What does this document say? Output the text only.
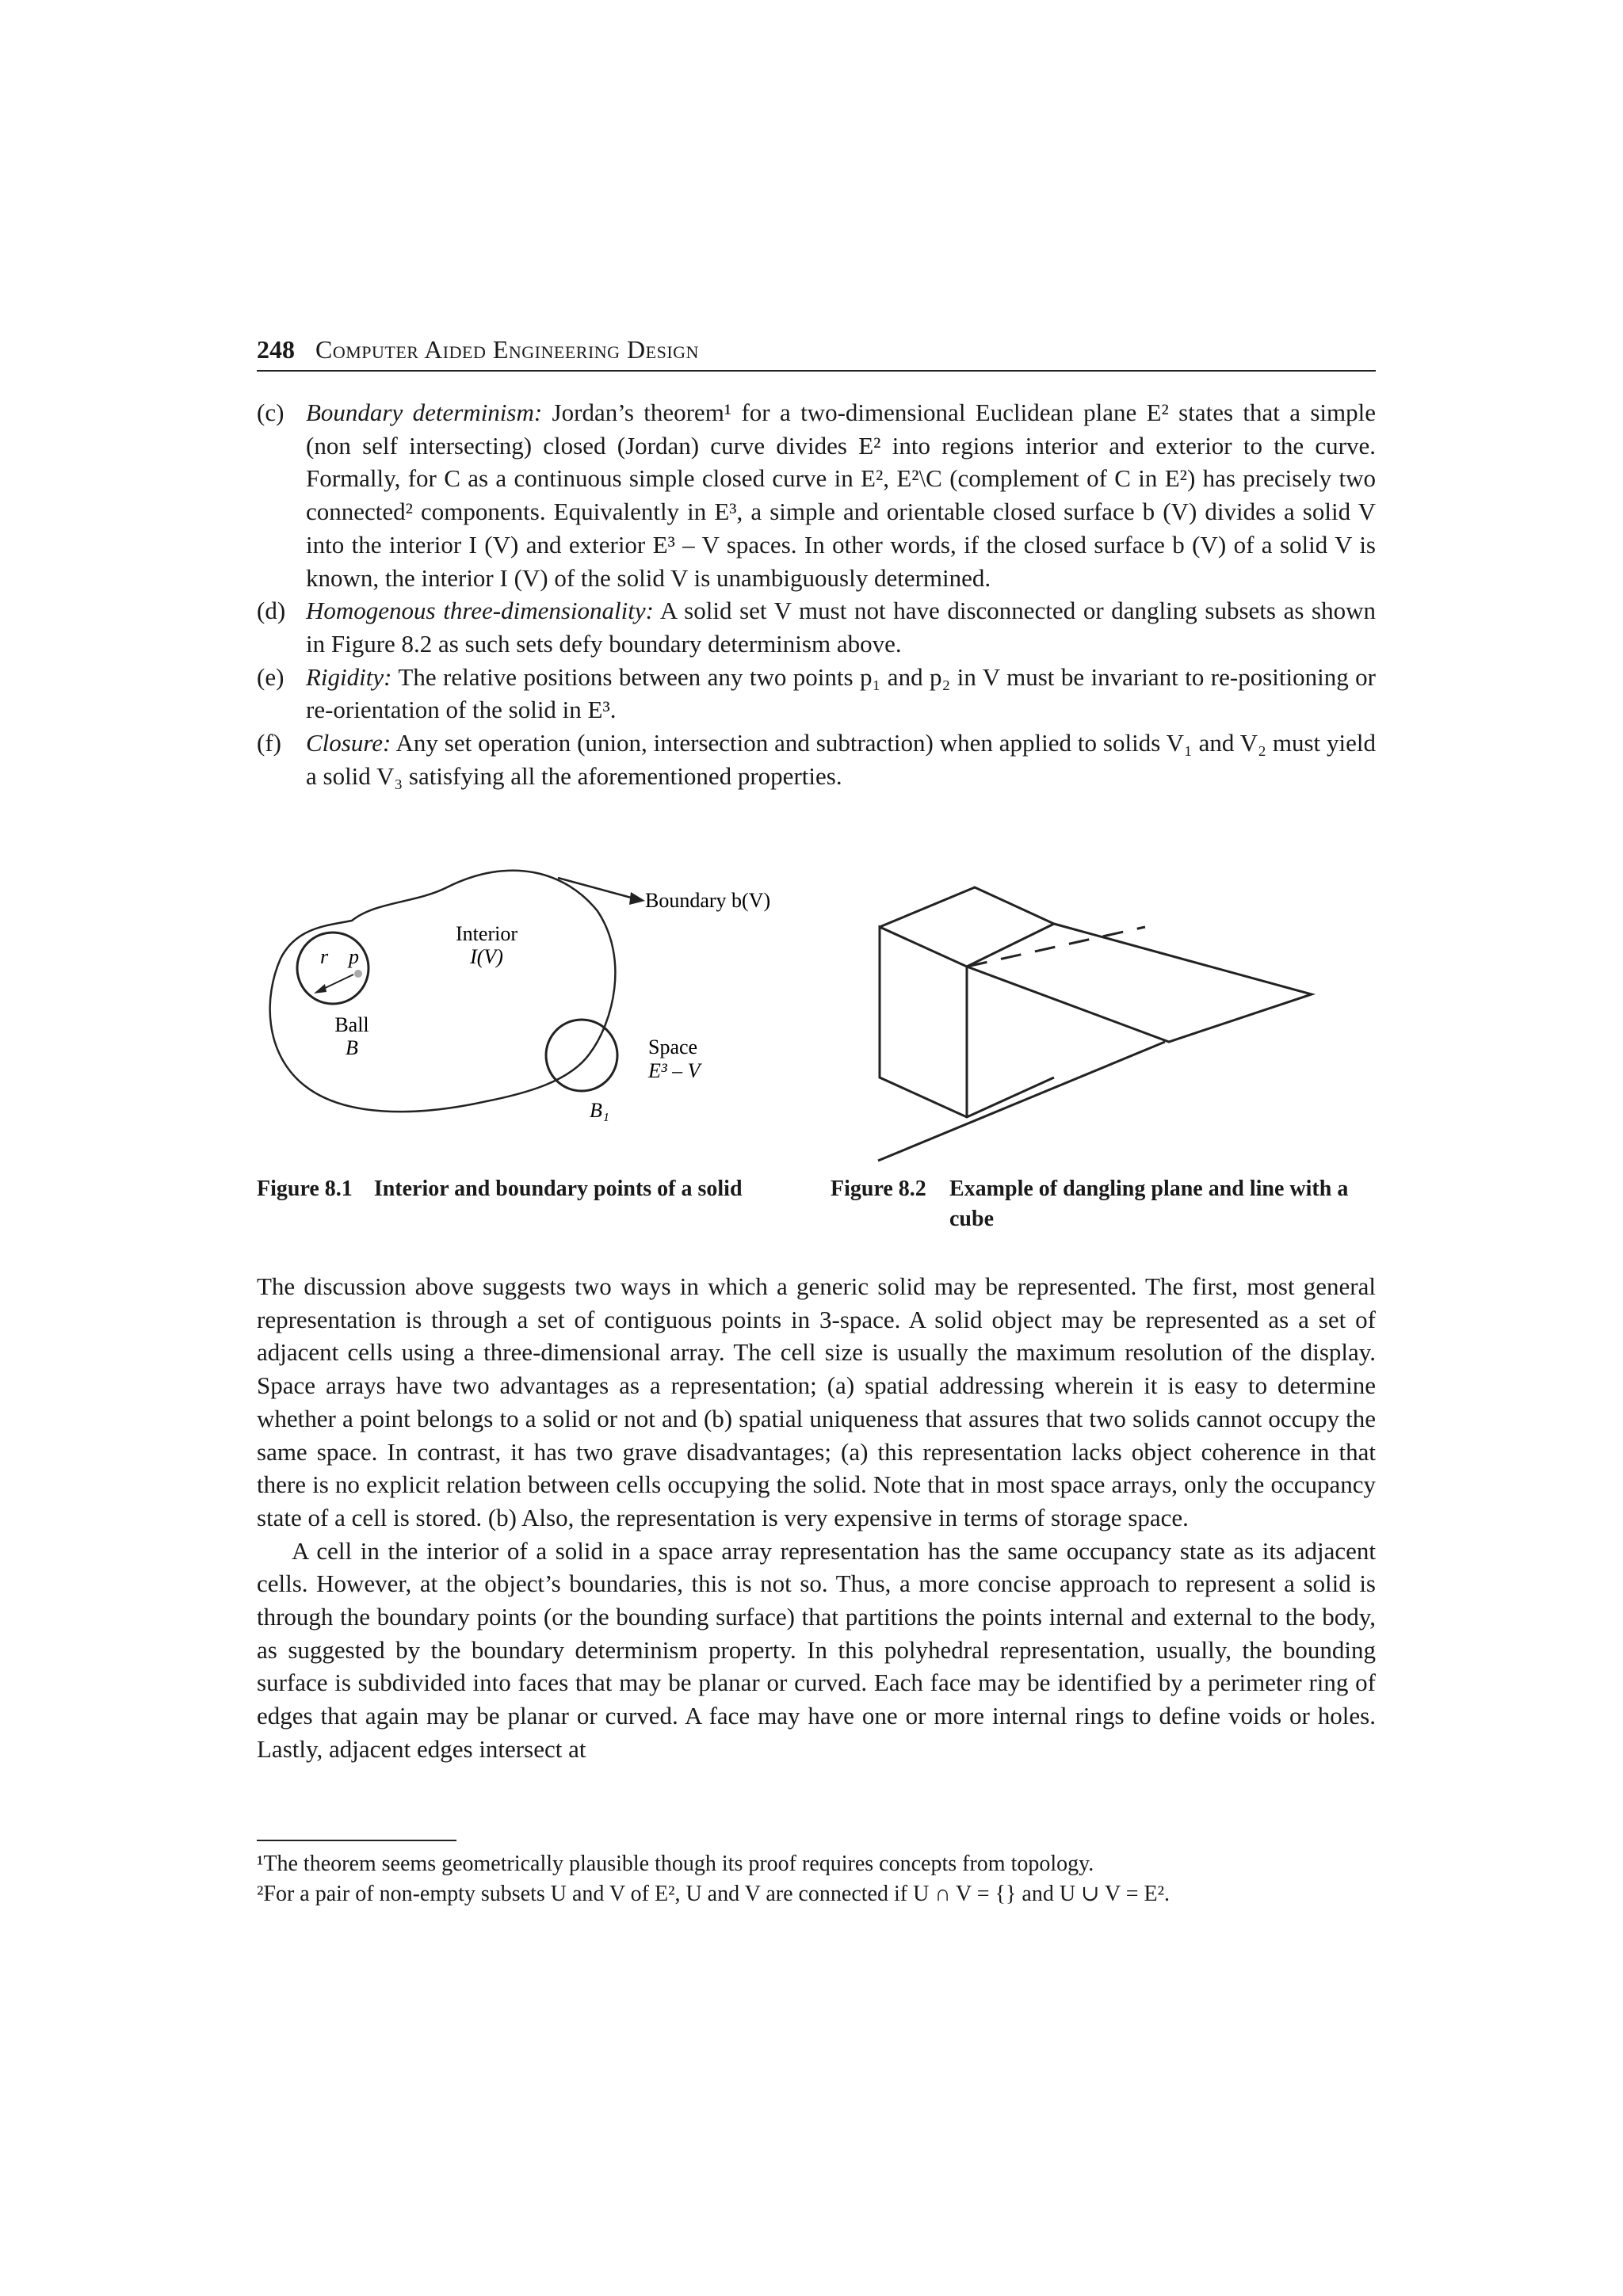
248 Computer Aided Engineering Design
(c) Boundary determinism: Jordan’s theorem¹ for a two-dimensional Euclidean plane E² states that a simple (non self intersecting) closed (Jordan) curve divides E² into regions interior and exterior to the curve. Formally, for C as a continuous simple closed curve in E², E²\C (complement of C in E²) has precisely two connected² components. Equivalently in E³, a simple and orientable closed surface b (V) divides a solid V into the interior I (V) and exterior E³ – V spaces. In other words, if the closed surface b (V) of a solid V is known, the interior I (V) of the solid V is unambiguously determined.
(d) Homogenous three-dimensionality: A solid set V must not have disconnected or dangling subsets as shown in Figure 8.2 as such sets defy boundary determinism above.
(e) Rigidity: The relative positions between any two points p₁ and p₂ in V must be invariant to re-positioning or re-orientation of the solid in E³.
(f)	Closure: Any set operation (union, intersection and subtraction) when applied to solids V₁ and V₂ must yield a solid V₃ satisfying all the aforementioned properties.
Boundary b(V)
Interior
I(V)
r p
Ball
B	Space
E³ – V
B₁
Figure 8.1 Interior and boundary points of a solid	Figure 8.2	Example of dangling plane and line with a cube

The discussion above suggests two ways in which a generic solid may be represented. The first, most general representation is through a set of contiguous points in 3-space. A solid object may be represented as a set of adjacent cells using a three-dimensional array. The cell size is usually the maximum resolution of the display. Space arrays have two advantages as a representation; (a) spatial addressing wherein it is easy to determine whether a point belongs to a solid or not and (b) spatial uniqueness that assures that two solids cannot occupy the same space. In contrast, it has two grave disadvantages; (a) this representation lacks object coherence in that there is no explicit relation between cells occupying the solid. Note that in most space arrays, only the occupancy state of a cell is stored. (b) Also, the representation is very expensive in terms of storage space.

A cell in the interior of a solid in a space array representation has the same occupancy state as its adjacent cells. However, at the object’s boundaries, this is not so. Thus, a more concise approach to represent a solid is through the boundary points (or the bounding surface) that partitions the points internal and external to the body, as suggested by the boundary determinism property. In this polyhedral representation, usually, the bounding surface is subdivided into faces that may be planar or curved. Each face may be identified by a perimeter ring of edges that again may be planar or curved. A face may have one or more internal rings to define voids or holes. Lastly, adjacent edges intersect at

¹The theorem seems geometrically plausible though its proof requires concepts from topology.
²For a pair of non-empty subsets U and V of E², U and V are connected if U ∩ V = {} and U ∪ V = E².
